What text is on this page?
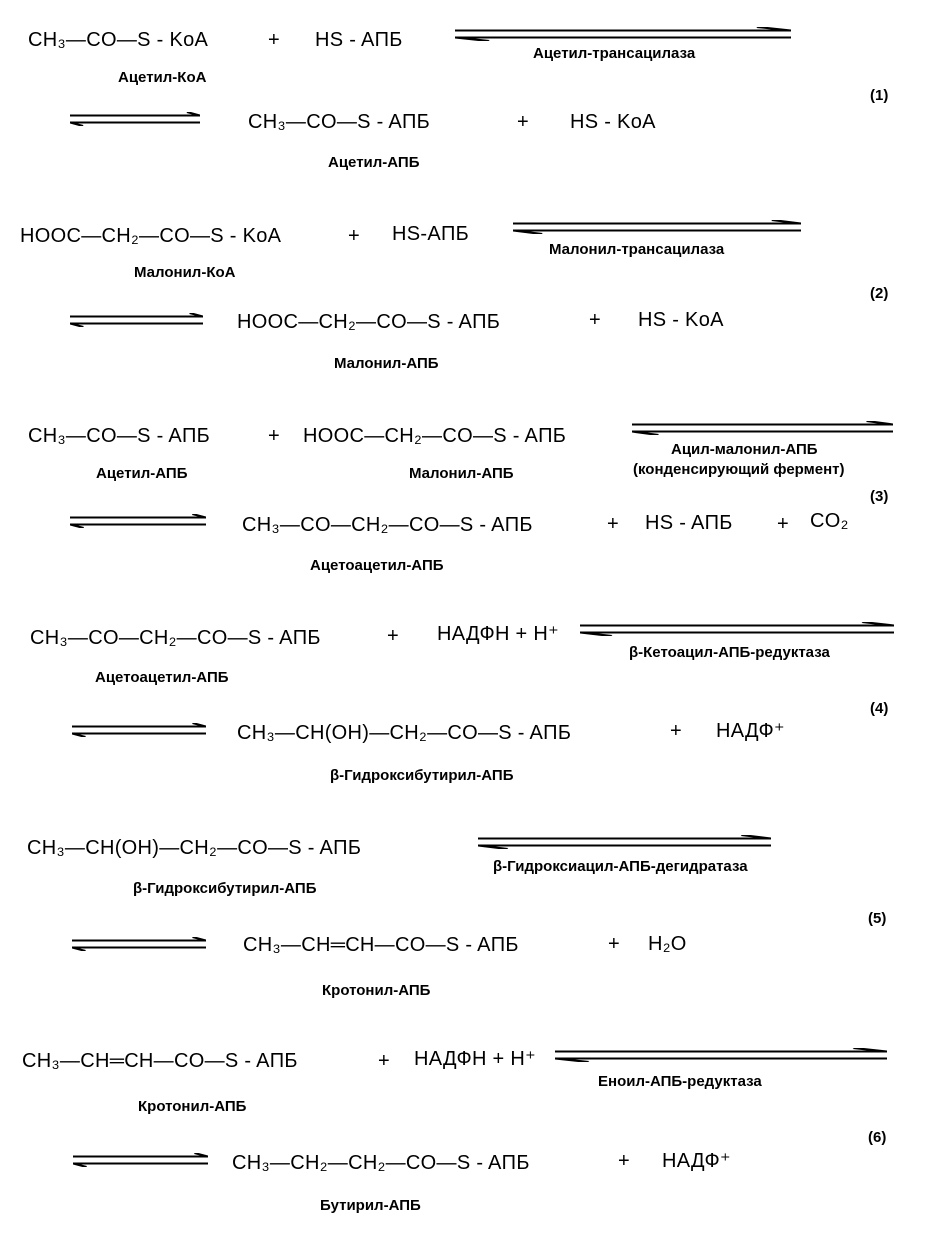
CH₃—CO—S - KoA	+ HS - AПБ
Ацетил-трансацилаза
Ацетил-КоА
(1)
CH₃—CO—S - AПБ	+ HS - KoA
Ацетил-АПБ
HOOC—CH₂—CO—S - KoA	+ HS-AПБ
Малонил-трансацилаза
Малонил-КоА
(2)
HOOC—CH₂—CO—S - AПБ	+ HS - KoA
Малонил-АПБ
CH₃—CO—S - AПБ	+ HOOC—CH₂—CO—S - AПБ
Ацил-малонил-АПБ
(конденсирующий фермент)
Ацетил-АПБ	Малонил-АПБ
(3)
CH₃—CO—CH₂—CO—S - AПБ	+ HS - AПБ + CO₂
Ацетоацетил-АПБ
CH₃—CO—CH₂—CO—S - AПБ	+ НАДФН + Н⁺
β-Кетоацил-АПБ-редуктаза
Ацетоацетил-АПБ
(4)
CH₃—CH(OH)—CH₂—CO—S - AПБ	+ НАДФ⁺
β-Гидроксибутирил-АПБ
CH₃—CH(OH)—CH₂—CO—S - AПБ
β-Гидроксиацил-АПБ-дегидратаза
β-Гидроксибутирил-АПБ
(5)
CH₃—CH═CH—CO—S - AПБ	+ H₂O
Кротонил-АПБ
CH₃—CH═CH—CO—S - AПБ	+ НАДФН + Н⁺
Еноил-АПБ-редуктаза
Кротонил-АПБ
(6)
CH₃—CH₂—CH₂—CO—S - AПБ	+ НАДФ⁺
Бутирил-АПБ
